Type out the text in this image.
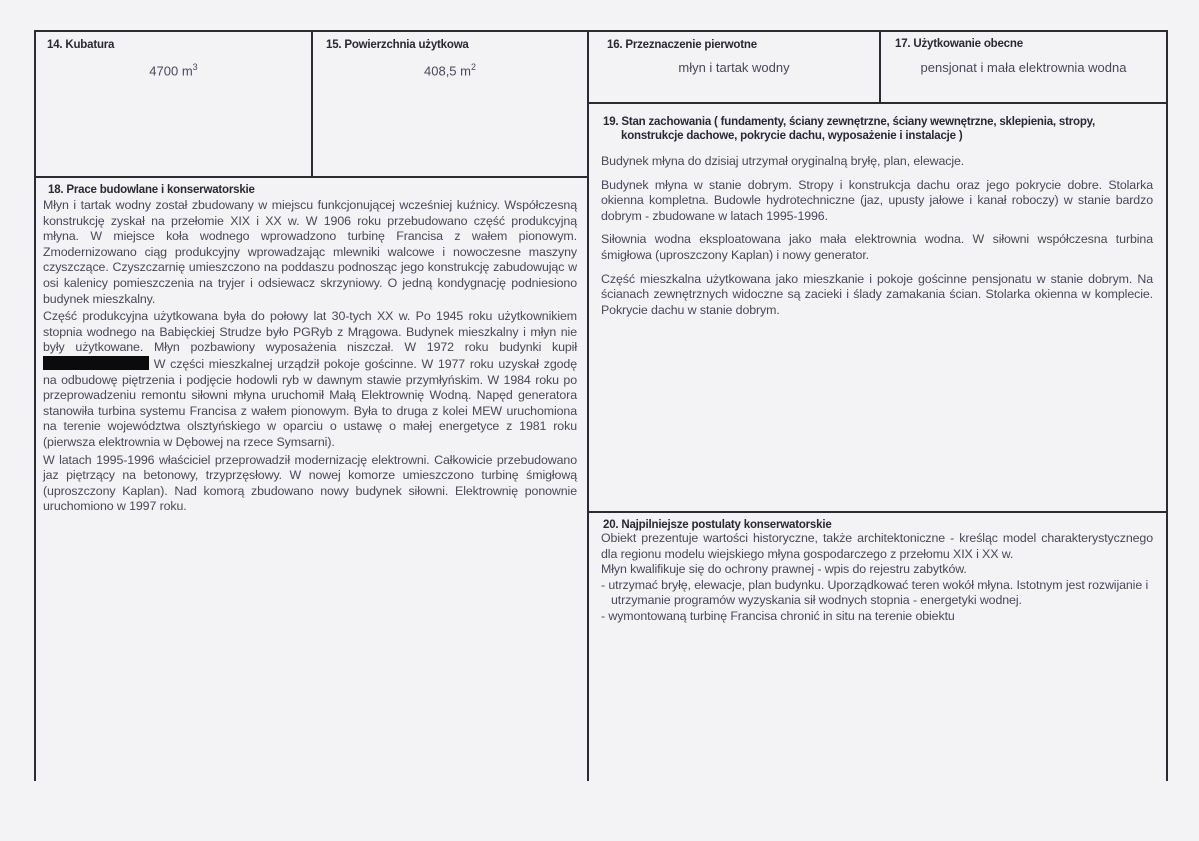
14. Kubatura
4700 $m^3$
15. Powierzchnia użytkowa
408,5 $m^2$
16. Przeznaczenie pierwotne
młyn i tartak wodny
17. Użytkowanie obecne
pensjonat i mała elektrownia wodna
19. Stan zachowania ( fundamenty, ściany zewnętrzne, ściany wewnętrzne, sklepienia, stropy,
konstrukcje dachowe, pokrycie dachu, wyposażenie i instalacje )

Budynek młyna do dzisiaj utrzymał oryginalną bryłę, plan, elewacje.

Budynek młyna w stanie dobrym. Stropy i konstrukcja dachu oraz jego pokrycie dobre. Stolarka okienna kompletna. Budowle hydrotechniczne (jaz, upusty jałowe i kanał roboczy) w stanie bardzo dobrym - zbudowane w latach 1995-1996.

Siłownia wodna eksploatowana jako mała elektrownia wodna. W siłowni współczesna turbina śmigłowa (uproszczony Kaplan) i nowy generator.

Część mieszkalna użytkowana jako mieszkanie i pokoje gościnne pensjonatu w stanie dobrym. Na ścianach zewnętrznych widoczne są zacieki i ślady zamakania ścian. Stolarka okienna w komplecie. Pokrycie dachu w stanie dobrym.

18. Prace budowlane i konserwatorskie

Młyn i tartak wodny został zbudowany w miejscu funkcjonującej wcześniej kuźnicy. Współczesną konstrukcję zyskał na przełomie XIX i XX w. W 1906 roku przebudowano część produkcyjną młyna. W miejsce koła wodnego wprowadzono turbinę Francisa z wałem pionowym. Zmodernizowano ciąg produkcyjny wprowadzając mlewniki walcowe i nowoczesne maszyny czyszczące. Czyszczarnię umieszczono na poddaszu podnosząc jego konstrukcję zabudowując w osi kalenicy pomieszczenia na tryjer i odsiewacz skrzyniowy. O jedną kondygnację podniesiono budynek mieszkalny.

Część produkcyjna użytkowana była do połowy lat 30-tych XX w. Po 1945 roku użytkownikiem stopnia wodnego na Babięckiej Strudze było PGRyb z Mrągowa. Budynek mieszkalny i młyn nie były użytkowane. Młyn pozbawiony wyposażenia niszczał. W 1972 roku budynki kupił  W części mieszkalnej urządził pokoje gościnne. W 1977 roku uzyskał zgodę na odbudowę piętrzenia i podjęcie hodowli ryb w dawnym stawie przymłyńskim. W 1984 roku po przeprowadzeniu remontu siłowni młyna uruchomił Małą Elektrownię Wodną. Napęd generatora stanowiła turbina systemu Francisa z wałem pionowym. Była to druga z kolei MEW uruchomiona na terenie województwa olsztyńskiego w oparciu o ustawę o małej energetyce z 1981 roku (pierwsza elektrownia w Dębowej na rzece Symsarni).

W latach 1995-1996 właściciel przeprowadził modernizację elektrowni. Całkowicie przebudowano jaz piętrzący na betonowy, trzyprzęsłowy. W nowej komorze umieszczono turbinę śmigłową (uproszczony Kaplan). Nad komorą zbudowano nowy budynek siłowni. Elektrownię ponownie uruchomiono w 1997 roku.

20. Najpilniejsze postulaty konserwatorskie

Obiekt prezentuje wartości historyczne, także architektoniczne - kreśląc model charakterystycznego dla regionu modelu wiejskiego młyna gospodarczego z przełomu XIX i XX w.

Młyn kwalifikuje się do ochrony prawnej - wpis do rejestru zabytków.

- utrzymać bryłę, elewacje, plan budynku. Uporządkować teren wokół młyna. Istotnym jest rozwijanie i utrzymanie programów wyzyskania sił wodnych stopnia - energetyki wodnej.

- wymontowaną turbinę Francisa chronić in situ na terenie obiektu
